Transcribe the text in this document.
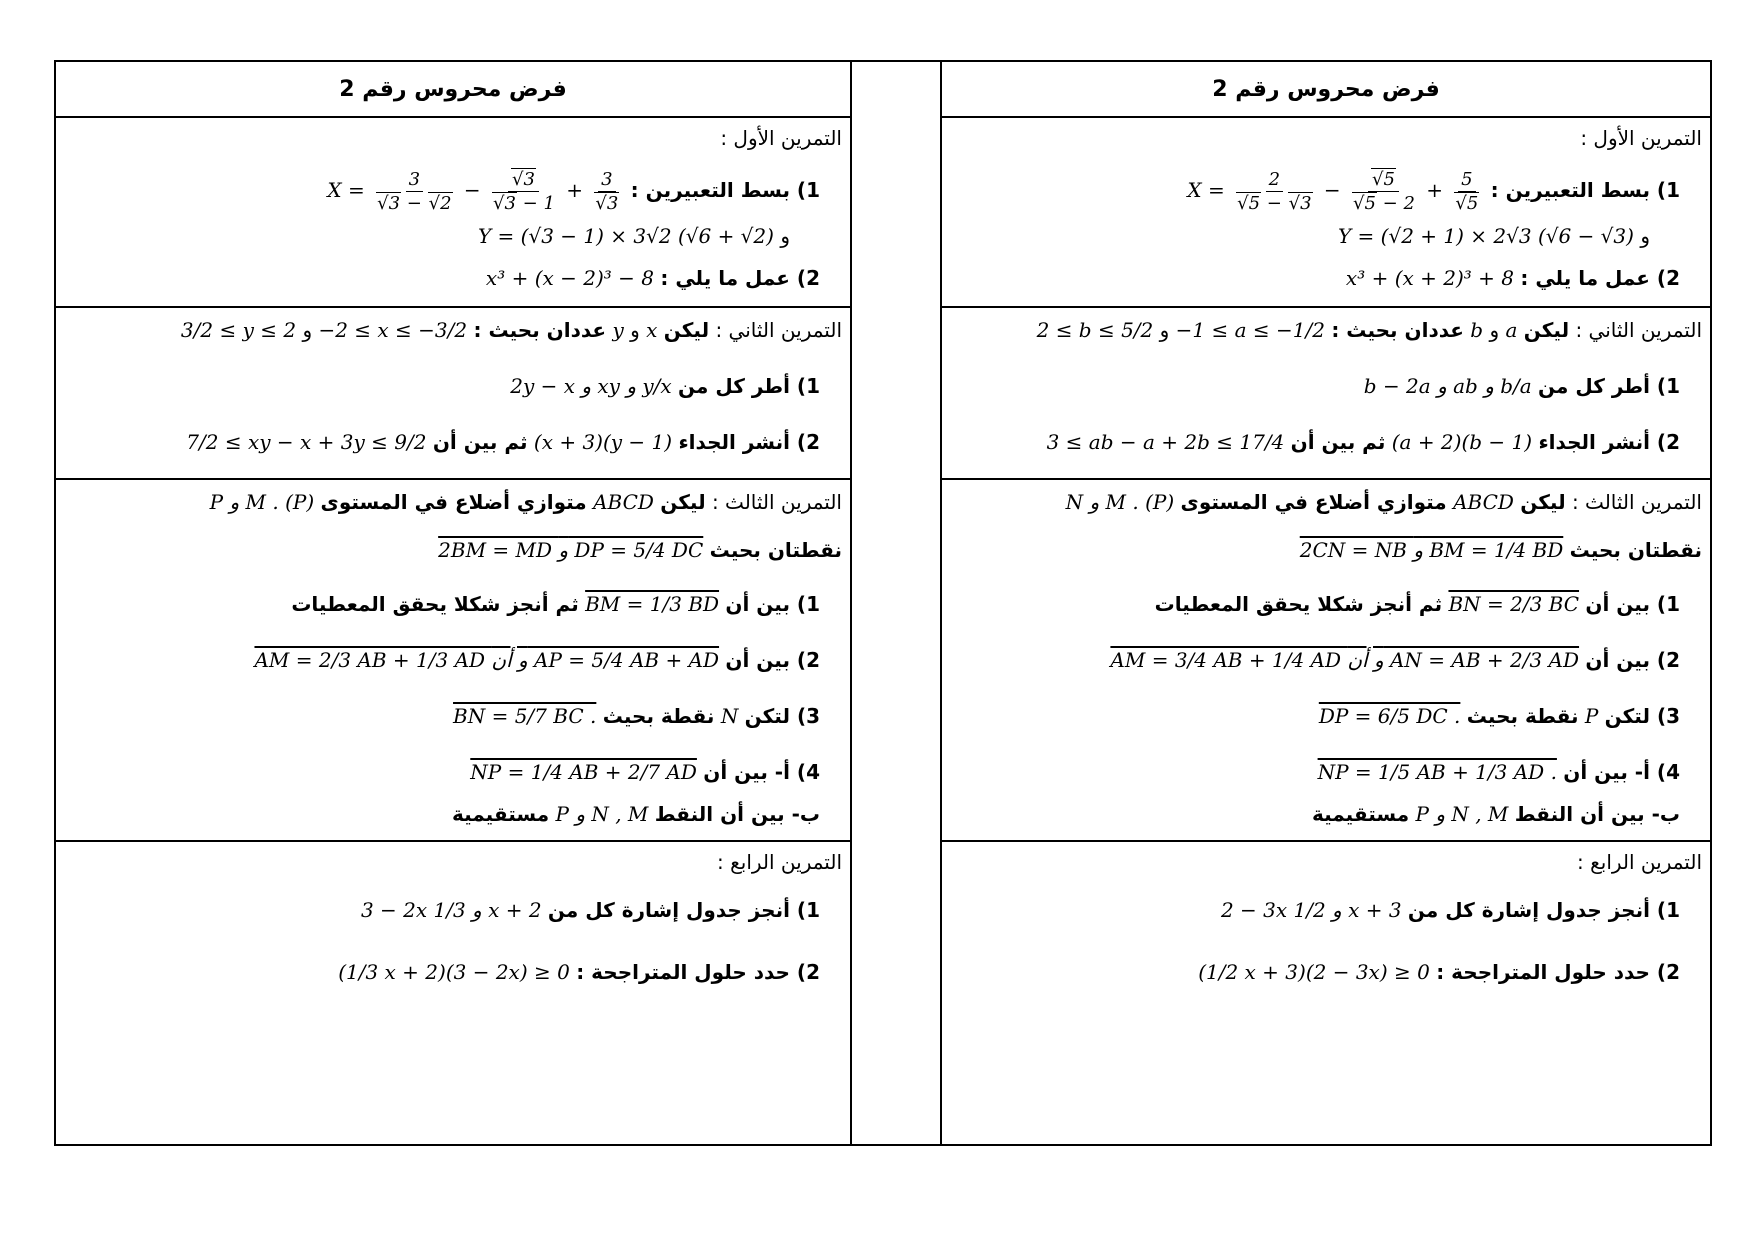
فرض محروس رقم 2
التمرين الأول :
1) بسط التعبيرين : $X = \frac{3}{√3 - √2} - \frac{√3}{√3 - 1} + \frac{3}{√3}$
و Y = (√3 − 1) × 3√2 (√6 + √2)
2) عمل ما يلي : x³ + (x − 2)³ − 8
التمرين الثاني : ليكن x و y عددان بحيث : −2 ≤ x ≤ −3/2 و 3/2 ≤ y ≤ 2
1) أطر كل من 2y − x و xy و y/x
2) أنشر الجداء (x + 3)(y − 1) ثم بين أن 7/2 ≤ xy − x + 3y ≤ 9/2
التمرين الثالث : ليكن ABCD متوازي أضلاع في المستوى P و M . (P)
نقطتان بحيث 2BM = MD و DP = 5/4 DC
1) بين أن BM = 1/3 BD ثم أنجز شكلا يحقق المعطيات
2) بين أن AM = 2/3 AB + 1/3 AD و أن AP = 5/4 AB + AD
3) لتكن N نقطة بحيث BN = 5/7 BC .
4) أ- بين أن NP = 1/4 AB + 2/7 AD
ب- بين أن النقط P و N , M مستقيمية
التمرين الرابع :
1) أنجز جدول إشارة كل من 3 − 2x و 1/3 x + 2
2) حدد حلول المتراجحة : (1/3 x + 2)(3 − 2x) ≥ 0
فرض محروس رقم 2
التمرين الأول :
1) بسط التعبيرين : $X = \frac{2}{√5 - √3} - \frac{√5}{√5 - 2} + \frac{5}{√5}$
و Y = (√2 + 1) × 2√3 (√6 − √3)
2) عمل ما يلي : x³ + (x + 2)³ + 8
التمرين الثاني : ليكن a و b عددان بحيث : −1 ≤ a ≤ −1/2 و 2 ≤ b ≤ 5/2
1) أطر كل من b − 2a و ab و b/a
2) أنشر الجداء (a + 2)(b − 1) ثم بين أن 3 ≤ ab − a + 2b ≤ 17/4
التمرين الثالث : ليكن ABCD متوازي أضلاع في المستوى N و M . (P)
نقطتان بحيث 2CN = NB و BM = 1/4 BD
1) بين أن BN = 2/3 BC ثم أنجز شكلا يحقق المعطيات
2) بين أن AM = 3/4 AB + 1/4 AD و أن AN = AB + 2/3 AD
3) لتكن P نقطة بحيث DP = 6/5 DC .
4) أ- بين أن NP = 1/5 AB + 1/3 AD .
ب- بين أن النقط P و N , M مستقيمية
التمرين الرابع :
1) أنجز جدول إشارة كل من 2 − 3x و 1/2 x + 3
2) حدد حلول المتراجحة : (1/2 x + 3)(2 − 3x) ≥ 0
